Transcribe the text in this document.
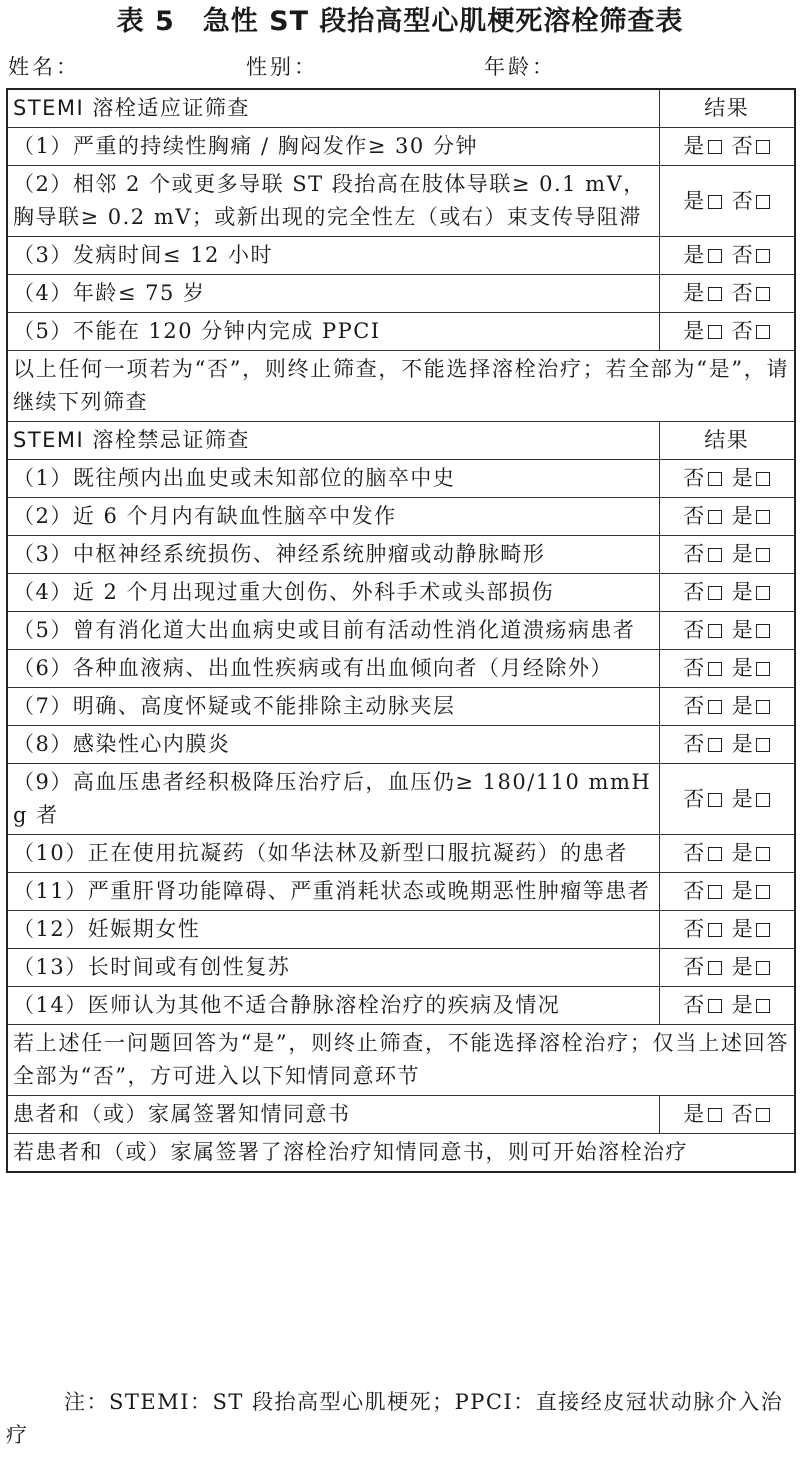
表 5　急性 ST 段抬高型心肌梗死溶栓筛查表
姓名：	性别：	年龄：
STEMI 溶栓适应证筛查	结果
（1）严重的持续性胸痛 / 胸闷发作≥ 30 分钟	是 否
（2）相邻 2 个或更多导联 ST 段抬高在肢体导联≥ 0.1 mV，胸导联≥ 0.2 mV；或新出现的完全性左（或右）束支传导阻滞	是 否
（3）发病时间≤ 12 小时	是 否
（4）年龄≤ 75 岁	是 否
（5）不能在 120 分钟内完成 PPCI	是 否
以上任何一项若为“否”，则终止筛查，不能选择溶栓治疗；若全部为“是”，请继续下列筛查	
STEMI 溶栓禁忌证筛查	结果
（1）既往颅内出血史或未知部位的脑卒中史	否 是
（2）近 6 个月内有缺血性脑卒中发作	否 是
（3）中枢神经系统损伤、神经系统肿瘤或动静脉畸形	否 是
（4）近 2 个月出现过重大创伤、外科手术或头部损伤	否 是
（5）曾有消化道大出血病史或目前有活动性消化道溃疡病患者	否 是
（6）各种血液病、出血性疾病或有出血倾向者（月经除外）	否 是
（7）明确、高度怀疑或不能排除主动脉夹层	否 是
（8）感染性心内膜炎	否 是
（9）高血压患者经积极降压治疗后，血压仍≥ 180/110 mmHg 者	否 是
（10）正在使用抗凝药（如华法林及新型口服抗凝药）的患者	否 是
（11）严重肝肾功能障碍、严重消耗状态或晚期恶性肿瘤等患者	否 是
（12）妊娠期女性	否 是
（13）长时间或有创性复苏	否 是
（14）医师认为其他不适合静脉溶栓治疗的疾病及情况	否 是
若上述任一问题回答为“是”，则终止筛查，不能选择溶栓治疗；仅当上述回答全部为“否”，方可进入以下知情同意环节	
患者和（或）家属签署知情同意书	是 否
若患者和（或）家属签署了溶栓治疗知情同意书，则可开始溶栓治疗	
注：STEMI：ST 段抬高型心肌梗死；PPCI：直接经皮冠状动脉介入治疗
